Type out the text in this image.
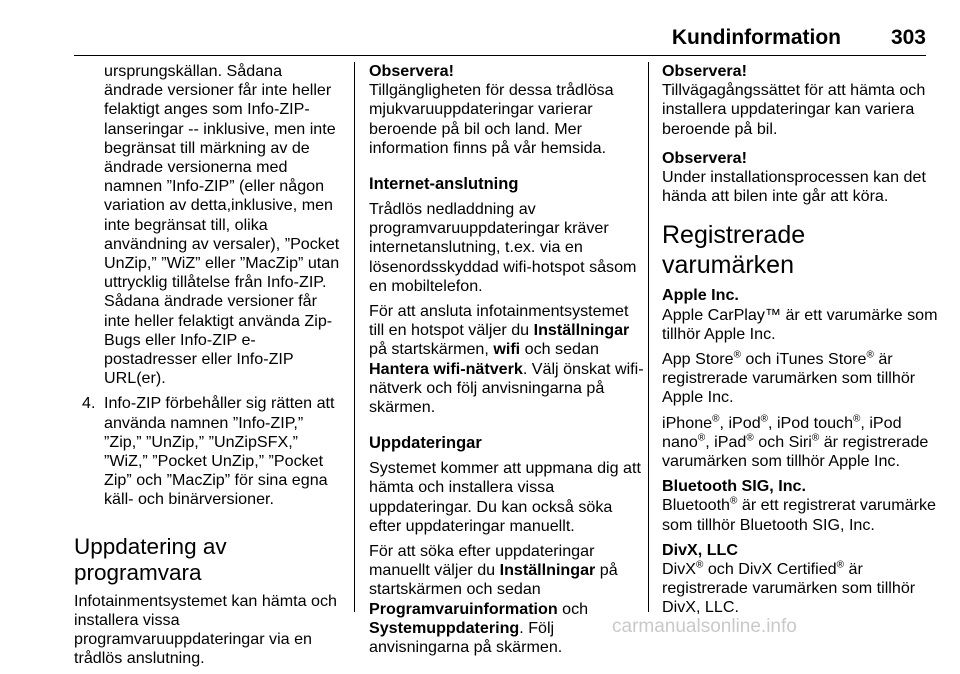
Kundinformation 303

ursprungskällan. Sådana ändrade versioner får inte heller felaktigt anges som Info-ZIP-lanseringar -- inklusive, men inte begränsat till märkning av de ändrade versionerna med namnen ”Info-ZIP” (eller någon variation av detta,inklusive, men inte begränsat till, olika användning av versaler), ”Pocket UnZip,” ”WiZ” eller ”MacZip” utan uttrycklig tillåtelse från Info-ZIP. Sådana ändrade versioner får inte heller felaktigt använda Zip-Bugs eller Info-ZIP e-postadresser eller Info-ZIP URL(er).

4. Info-ZIP förbehåller sig rätten att använda namnen ”Info-ZIP,” ”Zip,” ”UnZip,” ”UnZipSFX,” ”WiZ,” ”Pocket UnZip,” ”Pocket Zip” och ”MacZip” för sina egna käll- och binärversioner.
Uppdatering av programvara

Infotainmentsystemet kan hämta och installera vissa programvaruuppdateringar via en trådlös anslutning.

Observera!
Tillgängligheten för dessa trådlösa mjukvaruuppdateringar varierar beroende på bil och land. Mer information finns på vår hemsida.
Internet-anslutning

Trådlös nedladdning av programvaruuppdateringar kräver internetanslutning, t.ex. via en lösenordsskyddad wifi-hotspot såsom en mobiltelefon.

För att ansluta infotainmentsystemet till en hotspot väljer du Inställningar på startskärmen, wifi och sedan Hantera wifi-nätverk. Välj önskat wifi-nätverk och följ anvisningarna på skärmen.

Uppdateringar

Systemet kommer att uppmana dig att hämta och installera vissa uppdateringar. Du kan också söka efter uppdateringar manuellt.

För att söka efter uppdateringar manuellt väljer du Inställningar på startskärmen och sedan Programvaruinformation och Systemuppdatering. Följ anvisningarna på skärmen.

Observera!
Tillvägagångssättet för att hämta och installera uppdateringar kan variera beroende på bil.
Observera!
Under installationsprocessen kan det hända att bilen inte går att köra.
Registrerade varumärken
Apple Inc.

Apple CarPlay™ är ett varumärke som tillhör Apple Inc.

App Store® och iTunes Store® är registrerade varumärken som tillhör Apple Inc.

iPhone®, iPod®, iPod touch®, iPod nano®, iPad® och Siri® är registrerade varumärken som tillhör Apple Inc.

Bluetooth SIG, Inc.

Bluetooth® är ett registrerat varumärke som tillhör Bluetooth SIG, Inc.

DivX, LLC

DivX® och DivX Certified® är registrerade varumärken som tillhör DivX, LLC.

carmanualsonline.info
